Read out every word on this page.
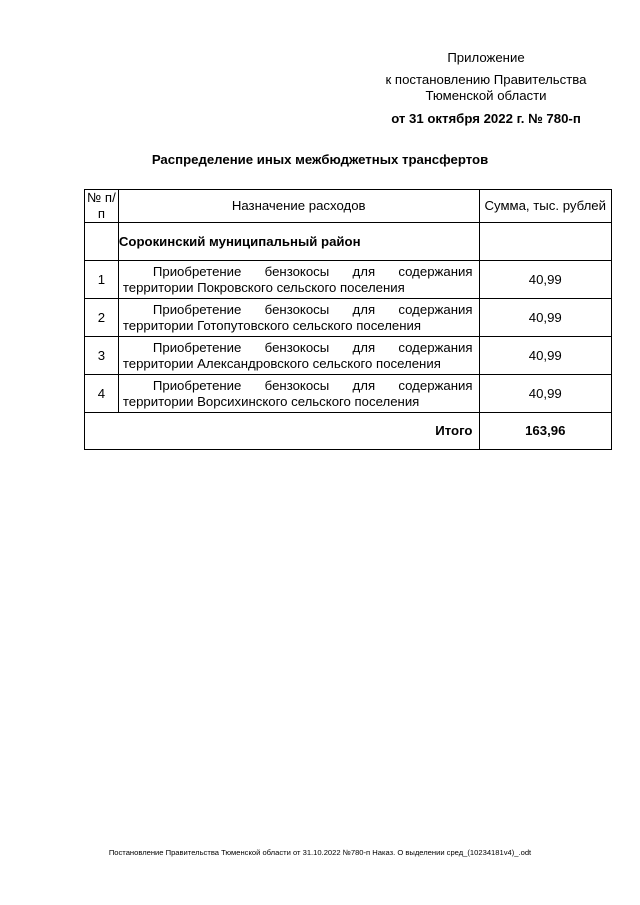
Приложение
к постановлению Правительства Тюменской области
от 31 октября 2022 г. № 780-п
Распределение иных межбюджетных трансфертов
№ п/п	Назначение расходов	Сумма, тыс. рублей
	Сорокинский муниципальный район	
1	Приобретение бензокосы для содержания территории Покровского сельского поселения	40,99
2	Приобретение бензокосы для содержания территории Готопутовского сельского поселения	40,99
3	Приобретение бензокосы для содержания территории Александровского сельского поселения	40,99
4	Приобретение бензокосы для содержания территории Ворсихинского сельского поселения	40,99
Итого		163,96
Постановление Правительства Тюменской области от 31.10.2022 №780-п Наказ. О выделении сред_(10234181v4)_.odt
